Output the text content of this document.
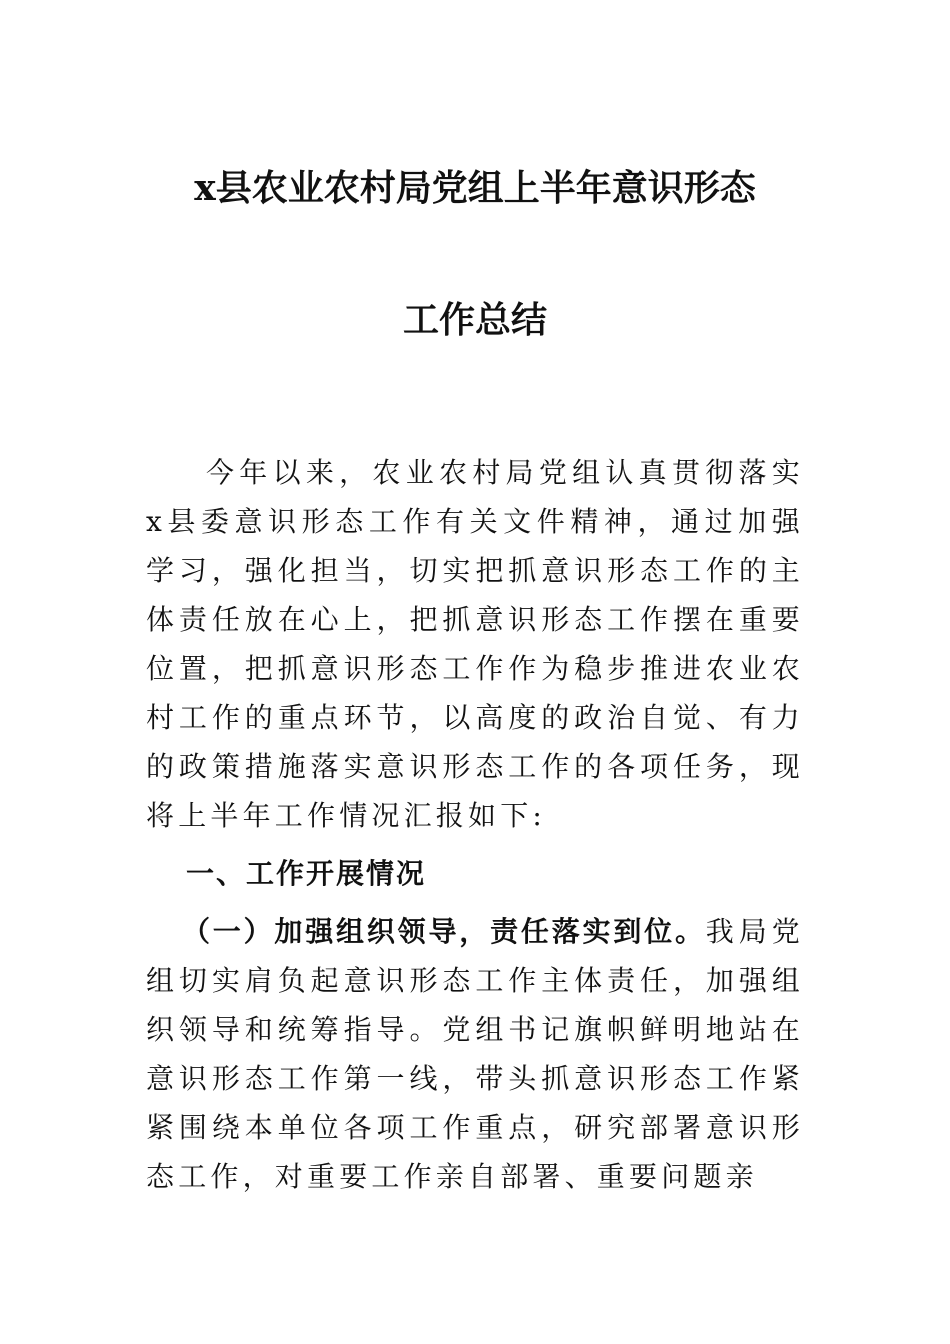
x县农业农村局党组上半年意识形态
工作总结

今年以来，农业农村局党组认真贯彻落实x县委意识形态工作有关文件精神，通过加强学习，强化担当，切实把抓意识形态工作的主体责任放在心上，把抓意识形态工作摆在重要位置，把抓意识形态工作作为稳步推进农业农村工作的重点环节，以高度的政治自觉、有力的政策措施落实意识形态工作的各项任务，现将上半年工作情况汇报如下:

一、工作开展情况

（一）加强组织领导，责任落实到位。我局党组切实肩负起意识形态工作主体责任，加强组织领导和统筹指导。党组书记旗帜鲜明地站在意识形态工作第一线，带头抓意识形态工作紧紧围绕本单位各项工作重点，研究部署意识形态工作，对重要工作亲自部署、重要问题亲
